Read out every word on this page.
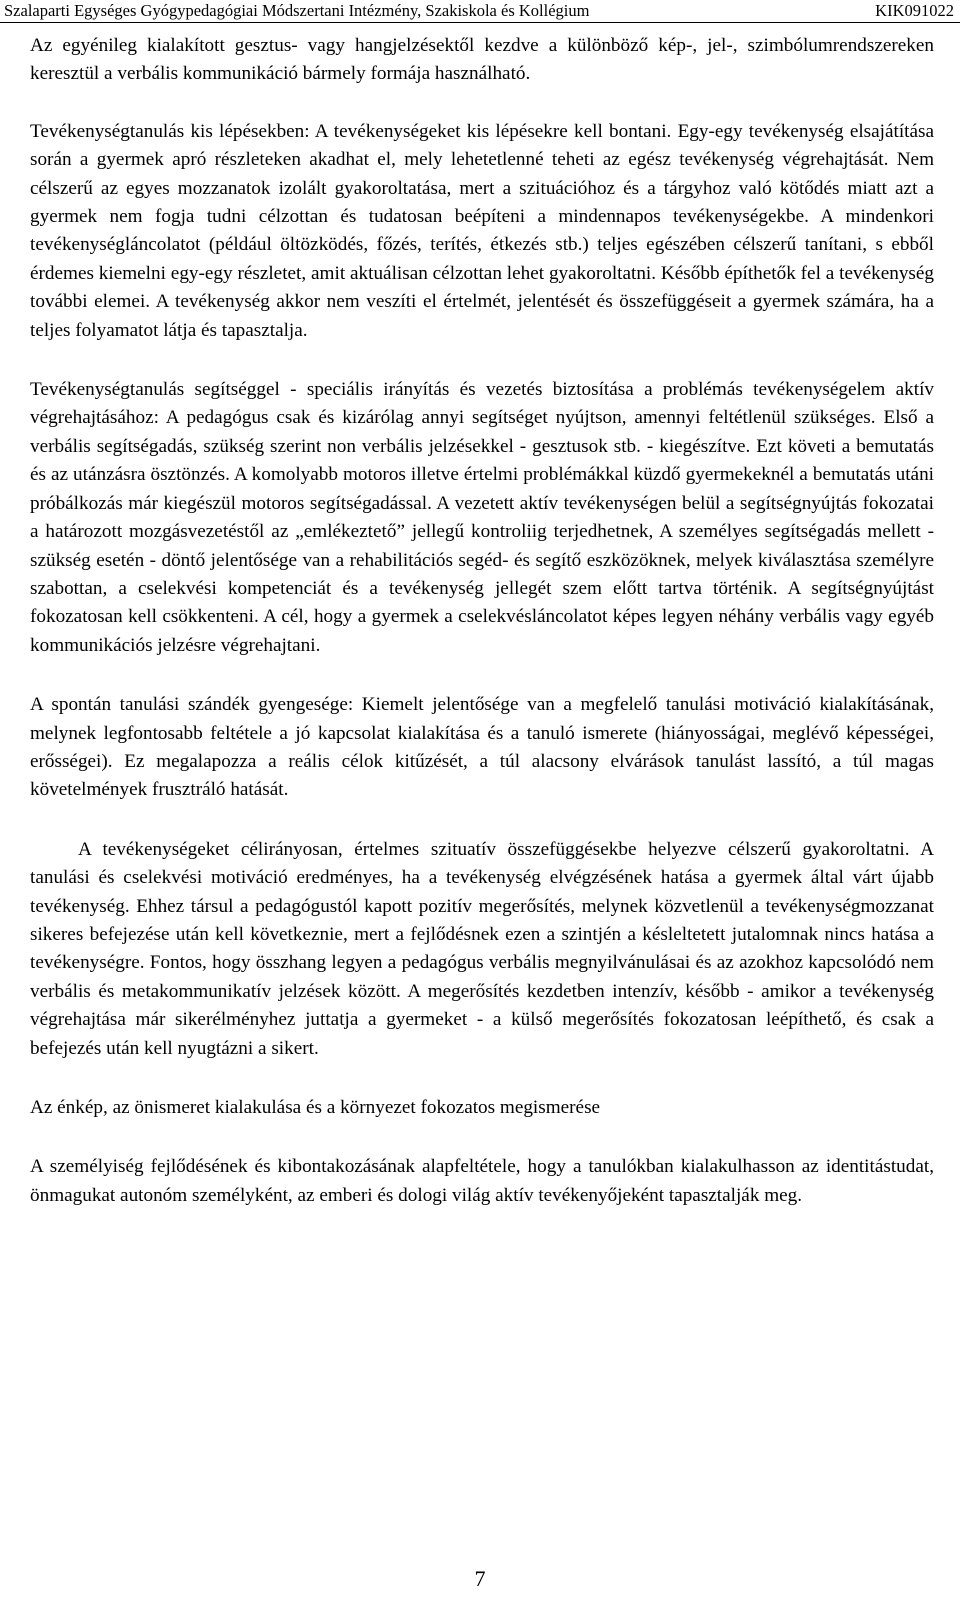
Szalaparti Egységes Gyógypedagógiai Módszertani Intézmény, Szakiskola és Kollégium	KIK091022

Az egyénileg kialakított gesztus- vagy hangjelzésektől kezdve a különböző kép-, jel-, szimbólumrendszereken keresztül a verbális kommunikáció bármely formája használható.

Tevékenységtanulás kis lépésekben: A tevékenységeket kis lépésekre kell bontani. Egy-egy tevékenység elsajátítása során a gyermek apró részleteken akadhat el, mely lehetetlenné teheti az egész tevékenység végrehajtását. Nem célszerű az egyes mozzanatok izolált gyakoroltatása, mert a szituációhoz és a tárgyhoz való kötődés miatt azt a gyermek nem fogja tudni célzottan és tudatosan beépíteni a mindennapos tevékenységekbe. A mindenkori tevékenységláncolatot (például öltözködés, főzés, terítés, étkezés stb.) teljes egészében célszerű tanítani, s ebből érdemes kiemelni egy-egy részletet, amit aktuálisan célzottan lehet gyakoroltatni. Később építhetők fel a tevékenység további elemei. A tevékenység akkor nem veszíti el értelmét, jelentését és összefüggéseit a gyermek számára, ha a teljes folyamatot látja és tapasztalja.

Tevékenységtanulás segítséggel - speciális irányítás és vezetés biztosítása a problémás tevékenységelem aktív végrehajtásához: A pedagógus csak és kizárólag annyi segítséget nyújtson, amennyi feltétlenül szükséges. Első a verbális segítségadás, szükség szerint non verbális jelzésekkel - gesztusok stb. - kiegészítve. Ezt követi a bemutatás és az utánzásra ösztönzés. A komolyabb motoros illetve értelmi problémákkal küzdő gyermekeknél a bemutatás utáni próbálkozás már kiegészül motoros segítségadással. A vezetett aktív tevékenységen belül a segítségnyújtás fokozatai a határozott mozgásvezetéstől az „emlékeztető” jellegű kontroliig terjedhetnek, A személyes segítségadás mellett - szükség esetén - döntő jelentősége van a rehabilitációs segéd- és segítő eszközöknek, melyek kiválasztása személyre szabottan, a cselekvési kompetenciát és a tevékenység jellegét szem előtt tartva történik. A segítségnyújtást fokozatosan kell csökkenteni. A cél, hogy a gyermek a cselekvésláncolatot képes legyen néhány verbális vagy egyéb kommunikációs jelzésre végrehajtani.

A spontán tanulási szándék gyengesége: Kiemelt jelentősége van a megfelelő tanulási motiváció kialakításának, melynek legfontosabb feltétele a jó kapcsolat kialakítása és a tanuló ismerete (hiányosságai, meglévő képességei, erősségei). Ez megalapozza a reális célok kitűzését, a túl alacsony elvárások tanulást lassító, a túl magas követelmények frusztráló hatását.

A tevékenységeket célirányosan, értelmes szituatív összefüggésekbe helyezve célszerű gyakoroltatni. A tanulási és cselekvési motiváció eredményes, ha a tevékenység elvégzésének hatása a gyermek által várt újabb tevékenység. Ehhez társul a pedagógustól kapott pozitív megerősítés, melynek közvetlenül a tevékenységmozzanat sikeres befejezése után kell következnie, mert a fejlődésnek ezen a szintjén a késleltetett jutalomnak nincs hatása a tevékenységre. Fontos, hogy összhang legyen a pedagógus verbális megnyilvánulásai és az azokhoz kapcsolódó nem verbális és metakommunikatív jelzések között. A megerősítés kezdetben intenzív, később - amikor a tevékenység végrehajtása már sikerélményhez juttatja a gyermeket - a külső megerősítés fokozatosan leépíthető, és csak a befejezés után kell nyugtázni a sikert.

Az énkép, az önismeret kialakulása és a környezet fokozatos megismerése

A személyiség fejlődésének és kibontakozásának alapfeltétele, hogy a tanulókban kialakulhasson az identitástudat, önmagukat autonóm személyként, az emberi és dologi világ aktív tevékenyőjeként tapasztalják meg.

7
